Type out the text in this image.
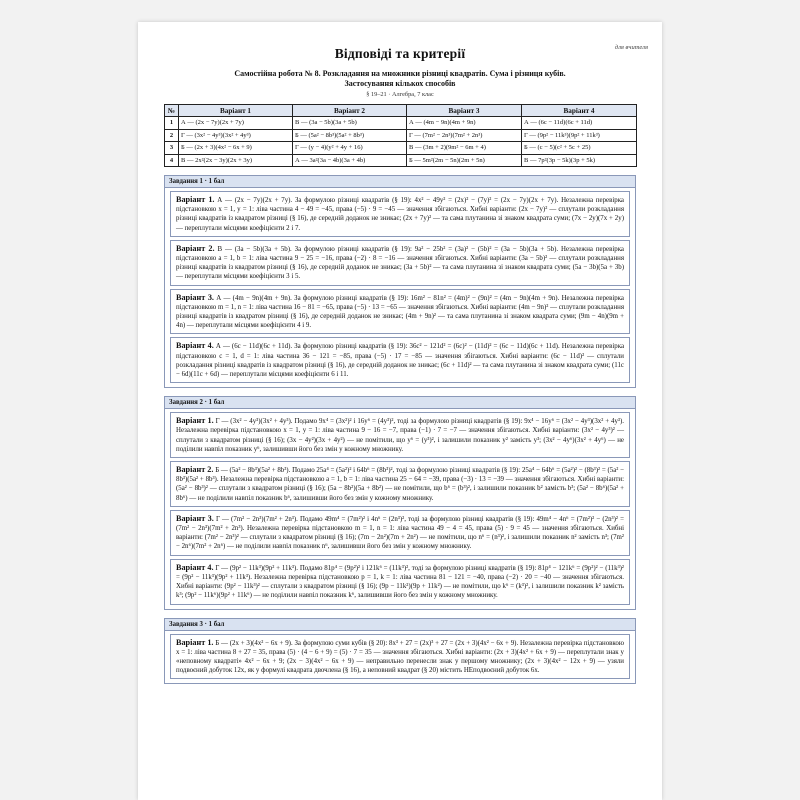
для вчителя
Відповіді та критерії
Самостійна робота № 8. Розкладання на множники різниці квадратів. Сума і різниця кубів.
Застосування кількох способів
§ 19–21 · Алгебра, 7 клас
№	Варіант 1	Варіант 2	Варіант 3	Варіант 4
1	А — (2x − 7y)(2x + 7y)	В — (3a − 5b)(3a + 5b)	А — (4m − 9n)(4m + 9n)	А — (6c − 11d)(6c + 11d)
2	Г — (3x² − 4y³)(3x² + 4y³)	Б — (5a² − 8b³)(5a² + 8b³)	Г — (7m² − 2n³)(7m² + 2n³)	Г — (9p² − 11k³)(9p² + 11k³)
3	Б — (2x + 3)(4x² − 6x + 9)	Г — (y − 4)(y² + 4y + 16)	В — (3m + 2)(9m² − 6m + 4)	Б — (c − 5)(c² + 5c + 25)
4	В — 2x²(2x − 3y)(2x + 3y)	А — 3a²(3a − 4b)(3a + 4b)	Б — 5m²(2m − 5n)(2m + 5n)	В — 7p²(3p − 5k)(3p + 5k)
Завдання 1 · 1 бал
Варіант 1. А — (2x − 7y)(2x + 7y). За формулою різниці квадратів (§ 19): 4x² − 49y² = (2x)² − (7y)² = (2x − 7y)(2x + 7y). Незалежна перевірка підстановкою x = 1, y = 1: ліва частина 4 − 49 = −45, права (−5) · 9 = −45 — значення збігаються. Хибні варіанти: (2x − 7y)² — сплутали розкладання різниці квадратів із квадратом різниці (§ 16), де середній доданок не зникає; (2x + 7y)² — та сама плутанина зі знаком квадрата суми; (7x − 2y)(7x + 2y) — переплутали місцями коефіцієнти 2 і 7.
Варіант 2. В — (3a − 5b)(3a + 5b). За формулою різниці квадратів (§ 19): 9a² − 25b² = (3a)² − (5b)² = (3a − 5b)(3a + 5b). Незалежна перевірка підстановкою a = 1, b = 1: ліва частина 9 − 25 = −16, права (−2) · 8 = −16 — значення збігаються. Хибні варіанти: (3a − 5b)² — сплутали розкладання різниці квадратів із квадратом різниці (§ 16), де середній доданок не зникає; (3a + 5b)² — та сама плутанина зі знаком квадрата суми; (5a − 3b)(5a + 3b) — переплутали місцями коефіцієнти 3 і 5.
Варіант 3. А — (4m − 9n)(4m + 9n). За формулою різниці квадратів (§ 19): 16m² − 81n² = (4m)² − (9n)² = (4m − 9n)(4m + 9n). Незалежна перевірка підстановкою m = 1, n = 1: ліва частина 16 − 81 = −65, права (−5) · 13 = −65 — значення збігаються. Хибні варіанти: (4m − 9n)² — сплутали розкладання різниці квадратів із квадратом різниці (§ 16), де середній доданок не зникає; (4m + 9n)² — та сама плутанина зі знаком квадрата суми; (9m − 4n)(9m + 4n) — переплутали місцями коефіцієнти 4 і 9.
Варіант 4. А — (6c − 11d)(6c + 11d). За формулою різниці квадратів (§ 19): 36c² − 121d² = (6c)² − (11d)² = (6c − 11d)(6c + 11d). Незалежна перевірка підстановкою c = 1, d = 1: ліва частина 36 − 121 = −85, права (−5) · 17 = −85 — значення збігаються. Хибні варіанти: (6c − 11d)² — сплутали розкладання різниці квадратів із квадратом різниці (§ 16), де середній доданок не зникає; (6c + 11d)² — та сама плутанина зі знаком квадрата суми; (11c − 6d)(11c + 6d) — переплутали місцями коефіцієнти 6 і 11.
Завдання 2 · 1 бал
Варіант 1. Г — (3x² − 4y³)(3x² + 4y³). Подамо 9x⁴ = (3x²)² і 16y⁶ = (4y³)², тоді за формулою різниці квадратів (§ 19): 9x⁴ − 16y⁶ = (3x² − 4y³)(3x² + 4y³). Незалежна перевірка підстановкою x = 1, y = 1: ліва частина 9 − 16 = −7, права (−1) · 7 = −7 — значення збігаються. Хибні варіанти: (3x² − 4y³)² — сплутали з квадратом різниці (§ 16); (3x − 4y²)(3x + 4y²) — не помітили, що y⁶ = (y³)², і залишили показник y² замість y³; (3x² − 4y⁶)(3x² + 4y⁶) — не поділили навпіл показник y⁶, залишивши його без змін у кожному множнику.
Варіант 2. Б — (5a² − 8b³)(5a² + 8b³). Подамо 25a⁴ = (5a²)² і 64b⁶ = (8b³)², тоді за формулою різниці квадратів (§ 19): 25a⁴ − 64b⁶ = (5a²)² − (8b³)² = (5a² − 8b³)(5a² + 8b³). Незалежна перевірка підстановкою a = 1, b = 1: ліва частина 25 − 64 = −39, права (−3) · 13 = −39 — значення збігаються. Хибні варіанти: (5a² − 8b³)² — сплутали з квадратом різниці (§ 16); (5a − 8b²)(5a + 8b²) — не помітили, що b⁶ = (b³)², і залишили показник b² замість b³; (5a² − 8b⁶)(5a² + 8b⁶) — не поділили навпіл показник b⁶, залишивши його без змін у кожному множнику.
Варіант 3. Г — (7m² − 2n³)(7m² + 2n³). Подамо 49m⁴ = (7m²)² і 4n⁶ = (2n³)², тоді за формулою різниці квадратів (§ 19): 49m⁴ − 4n⁶ = (7m²)² − (2n³)² = (7m² − 2n³)(7m² + 2n³). Незалежна перевірка підстановкою m = 1, n = 1: ліва частина 49 − 4 = 45, права (5) · 9 = 45 — значення збігаються. Хибні варіанти: (7m² − 2n³)² — сплутали з квадратом різниці (§ 16); (7m − 2n²)(7m + 2n²) — не помітили, що n⁶ = (n³)², і залишили показник n² замість n³; (7m² − 2n⁶)(7m² + 2n⁶) — не поділили навпіл показник n⁶, залишивши його без змін у кожному множнику.
Варіант 4. Г — (9p² − 11k³)(9p² + 11k³). Подамо 81p⁴ = (9p²)² і 121k⁶ = (11k³)², тоді за формулою різниці квадратів (§ 19): 81p⁴ − 121k⁶ = (9p²)² − (11k³)² = (9p² − 11k³)(9p² + 11k³). Незалежна перевірка підстановкою p = 1, k = 1: ліва частина 81 − 121 = −40, права (−2) · 20 = −40 — значення збігаються. Хибні варіанти: (9p² − 11k³)² — сплутали з квадратом різниці (§ 16); (9p − 11k²)(9p + 11k²) — не помітили, що k⁶ = (k³)², і залишили показник k² замість k³; (9p² − 11k⁶)(9p² + 11k⁶) — не поділили навпіл показник k⁶, залишивши його без змін у кожному множнику.
Завдання 3 · 1 бал
Варіант 1. Б — (2x + 3)(4x² − 6x + 9). За формулою суми кубів (§ 20): 8x³ + 27 = (2x)³ + 27 = (2x + 3)(4x² − 6x + 9). Незалежна перевірка підстановкою x = 1: ліва частина 8 + 27 = 35, права (5) · (4 − 6 + 9) = (5) · 7 = 35 — значення збігаються. Хибні варіанти: (2x + 3)(4x² + 6x + 9) — переплутали знак у «неповному квадраті» 4x² − 6x + 9; (2x − 3)(4x² − 6x + 9) — неправильно перенесли знак у першому множнику; (2x + 3)(4x² − 12x + 9) — узяли подвоєний добуток 12x, як у формулі квадрата двочлена (§ 16), а неповний квадрат (§ 20) містить НЕподвоєний добуток 6x.
